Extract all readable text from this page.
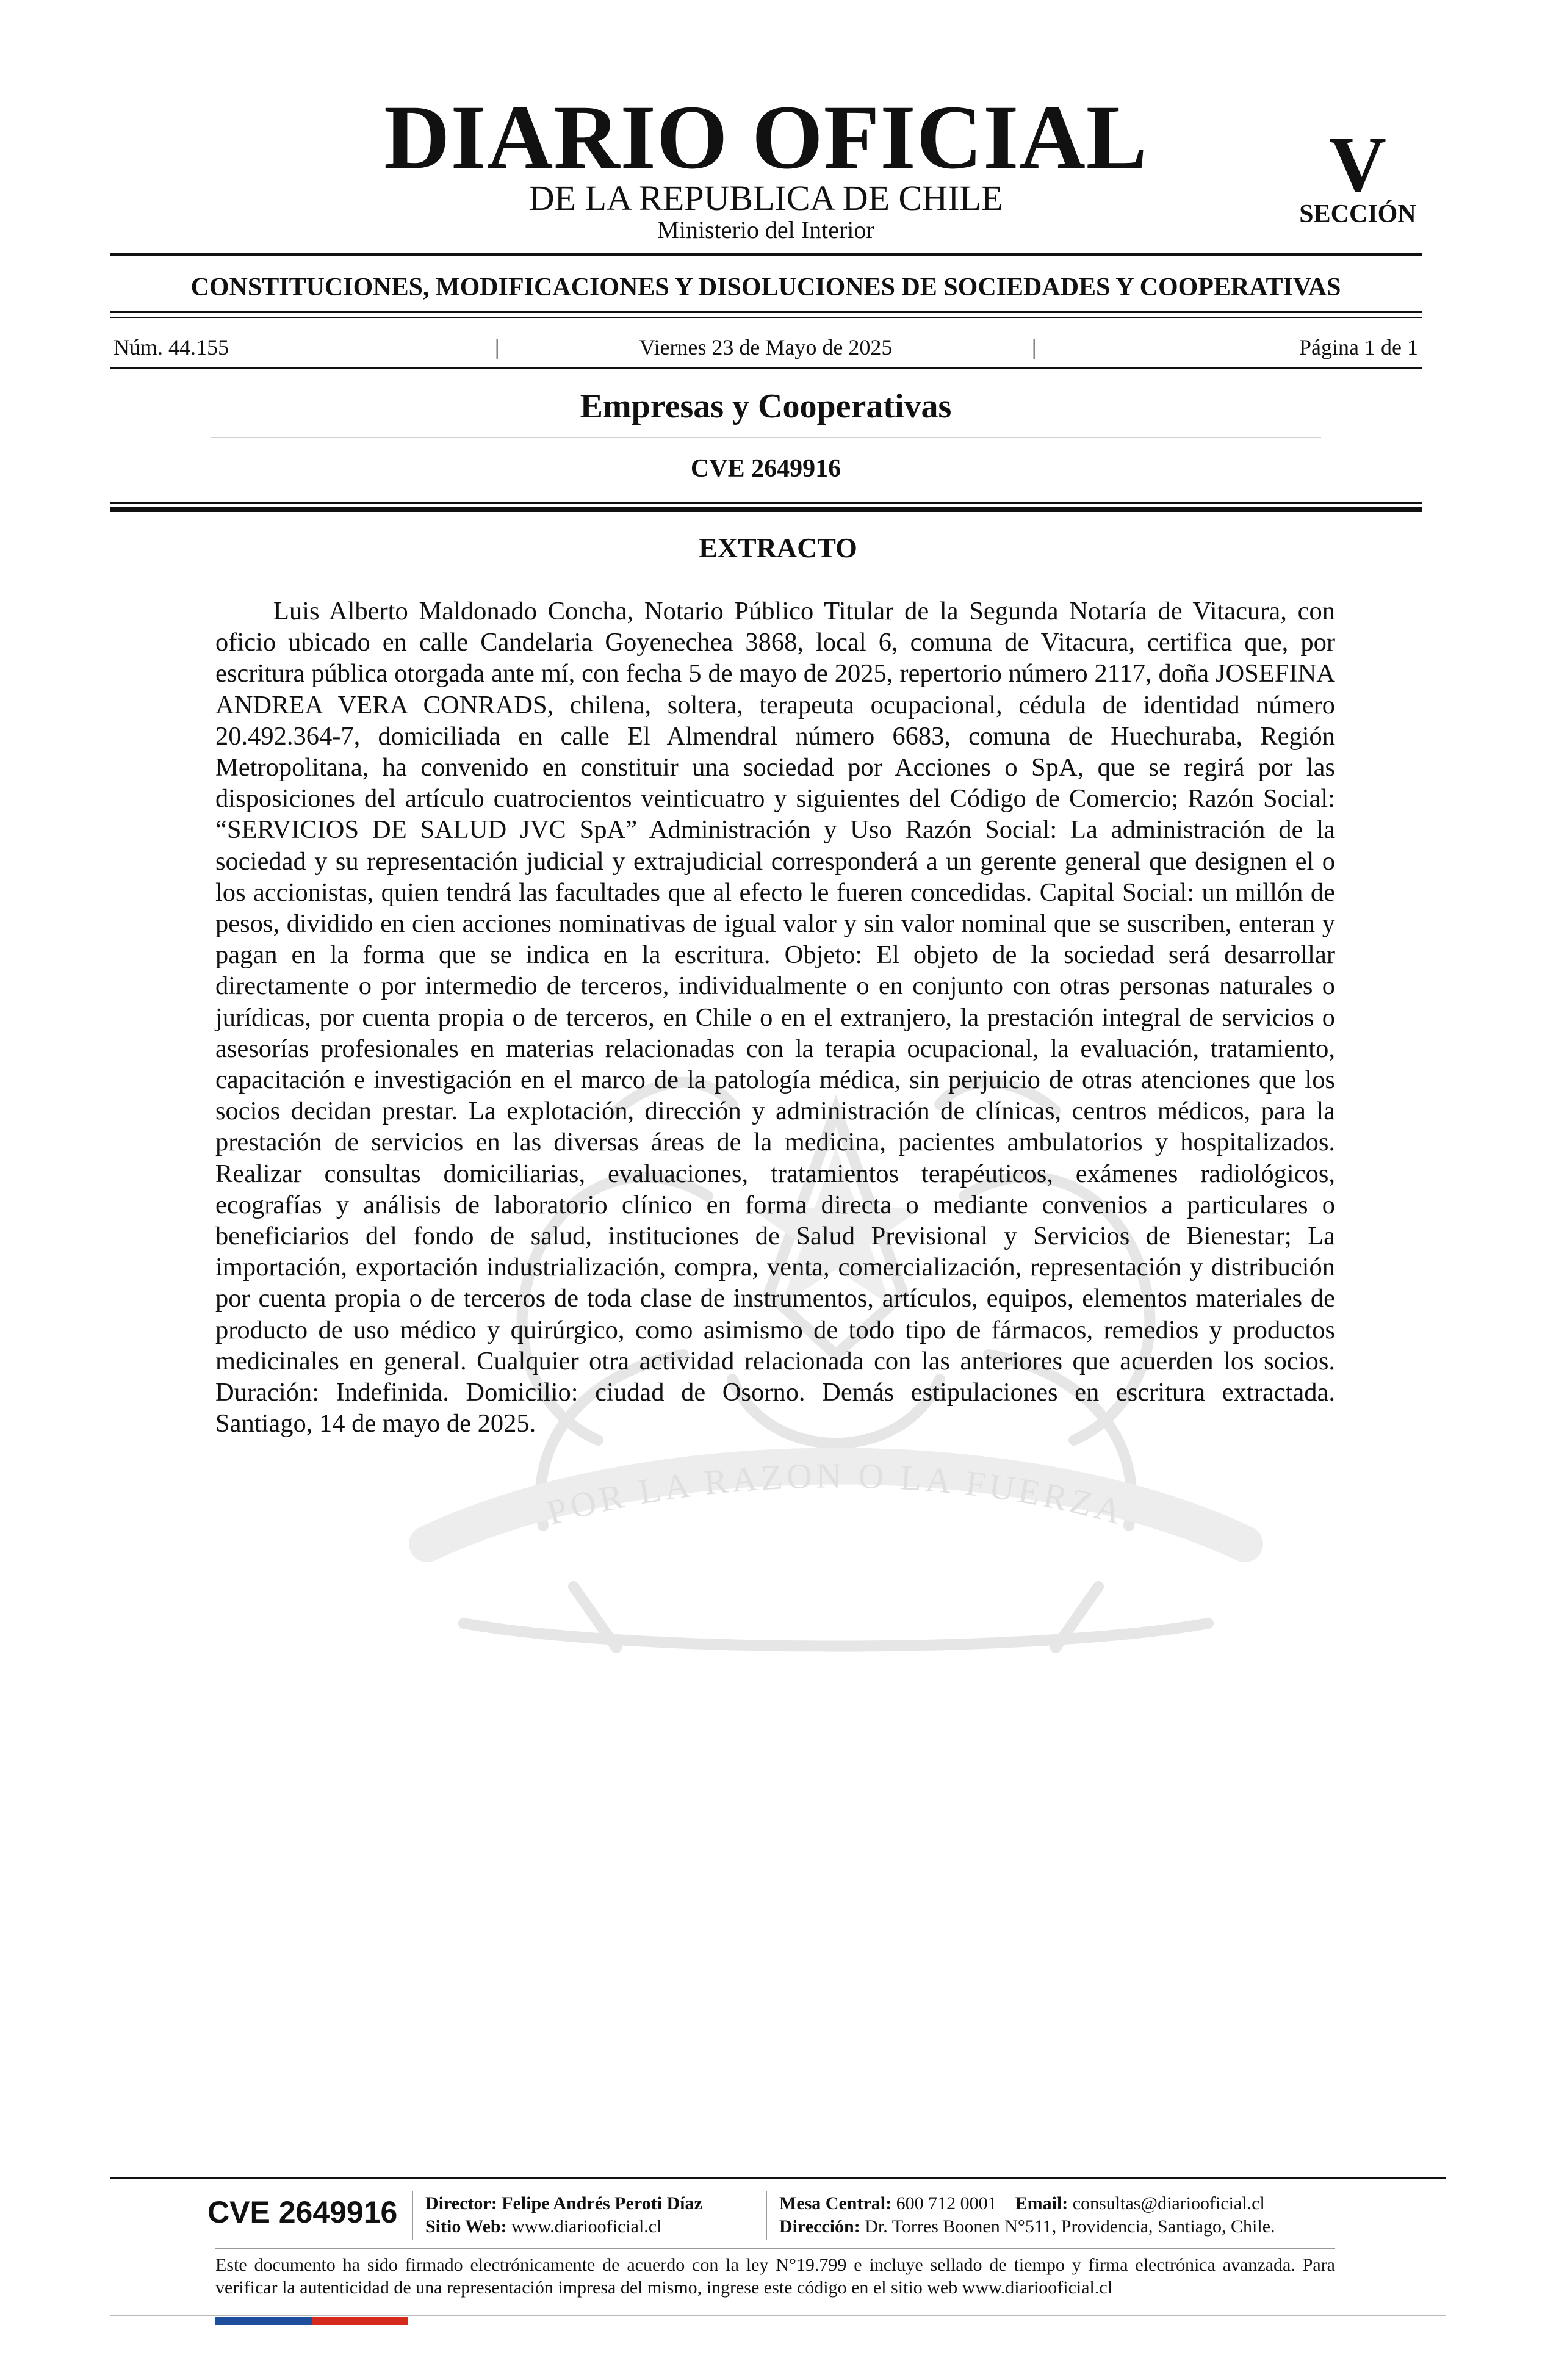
DIARIO OFICIAL
DE LA REPUBLICA DE CHILE
Ministerio del Interior
V
SECCIÓN
CONSTITUCIONES, MODIFICACIONES Y DISOLUCIONES DE SOCIEDADES Y COOPERATIVAS
Núm. 44.155	|	Viernes 23 de Mayo de 2025	|	Página 1 de 1
Empresas y Cooperativas
CVE 2649916
POR LA RAZON O LA FUERZA
EXTRACTO

Luis Alberto Maldonado Concha, Notario Público Titular de la Segunda Notaría de Vitacura, con oficio ubicado en calle Candelaria Goyenechea 3868, local 6, comuna de Vitacura, certifica que, por escritura pública otorgada ante mí, con fecha 5 de mayo de 2025, repertorio número 2117, doña JOSEFINA ANDREA VERA CONRADS, chilena, soltera, terapeuta ocupacional, cédula de identidad número 20.492.364-7, domiciliada en calle El Almendral número 6683, comuna de Huechuraba, Región Metropolitana, ha convenido en constituir una sociedad por Acciones o SpA, que se regirá por las disposiciones del artículo cuatrocientos veinticuatro y siguientes del Código de Comercio; Razón Social: “SERVICIOS DE SALUD JVC SpA” Administración y Uso Razón Social: La administración de la sociedad y su representación judicial y extrajudicial corresponderá a un gerente general que designen el o los accionistas, quien tendrá las facultades que al efecto le fueren concedidas. Capital Social: un millón de pesos, dividido en cien acciones nominativas de igual valor y sin valor nominal que se suscriben, enteran y pagan en la forma que se indica en la escritura. Objeto: El objeto de la sociedad será desarrollar directamente o por intermedio de terceros, individualmente o en conjunto con otras personas naturales o jurídicas, por cuenta propia o de terceros, en Chile o en el extranjero, la prestación integral de servicios o asesorías profesionales en materias relacionadas con la terapia ocupacional, la evaluación, tratamiento, capacitación e investigación en el marco de la patología médica, sin perjuicio de otras atenciones que los socios decidan prestar. La explotación, dirección y administración de clínicas, centros médicos, para la prestación de servicios en las diversas áreas de la medicina, pacientes ambulatorios y hospitalizados. Realizar consultas domiciliarias, evaluaciones, tratamientos terapéuticos, exámenes radiológicos, ecografías y análisis de laboratorio clínico en forma directa o mediante convenios a particulares o beneficiarios del fondo de salud, instituciones de Salud Previsional y Servicios de Bienestar; La importación, exportación industrialización, compra, venta, comercialización, representación y distribución por cuenta propia o de terceros de toda clase de instrumentos, artículos, equipos, elementos materiales de producto de uso médico y quirúrgico, como asimismo de todo tipo de fármacos, remedios y productos medicinales en general. Cualquier otra actividad relacionada con las anteriores que acuerden los socios. Duración: Indefinida. Domicilio: ciudad de Osorno. Demás estipulaciones en escritura extractada. Santiago, 14 de mayo de 2025.

CVE 2649916 Director: Felipe Andrés Peroti Díaz
Sitio Web: www.diariooficial.cl
Mesa Central: 600 712 0001 Email: consultas@diariooficial.cl
Dirección: Dr. Torres Boonen N°511, Providencia, Santiago, Chile.

Este documento ha sido firmado electrónicamente de acuerdo con la ley N°19.799 e incluye sellado de tiempo y firma electrónica avanzada. Para verificar la autenticidad de una representación impresa del mismo, ingrese este código en el sitio web www.diariooficial.cl
